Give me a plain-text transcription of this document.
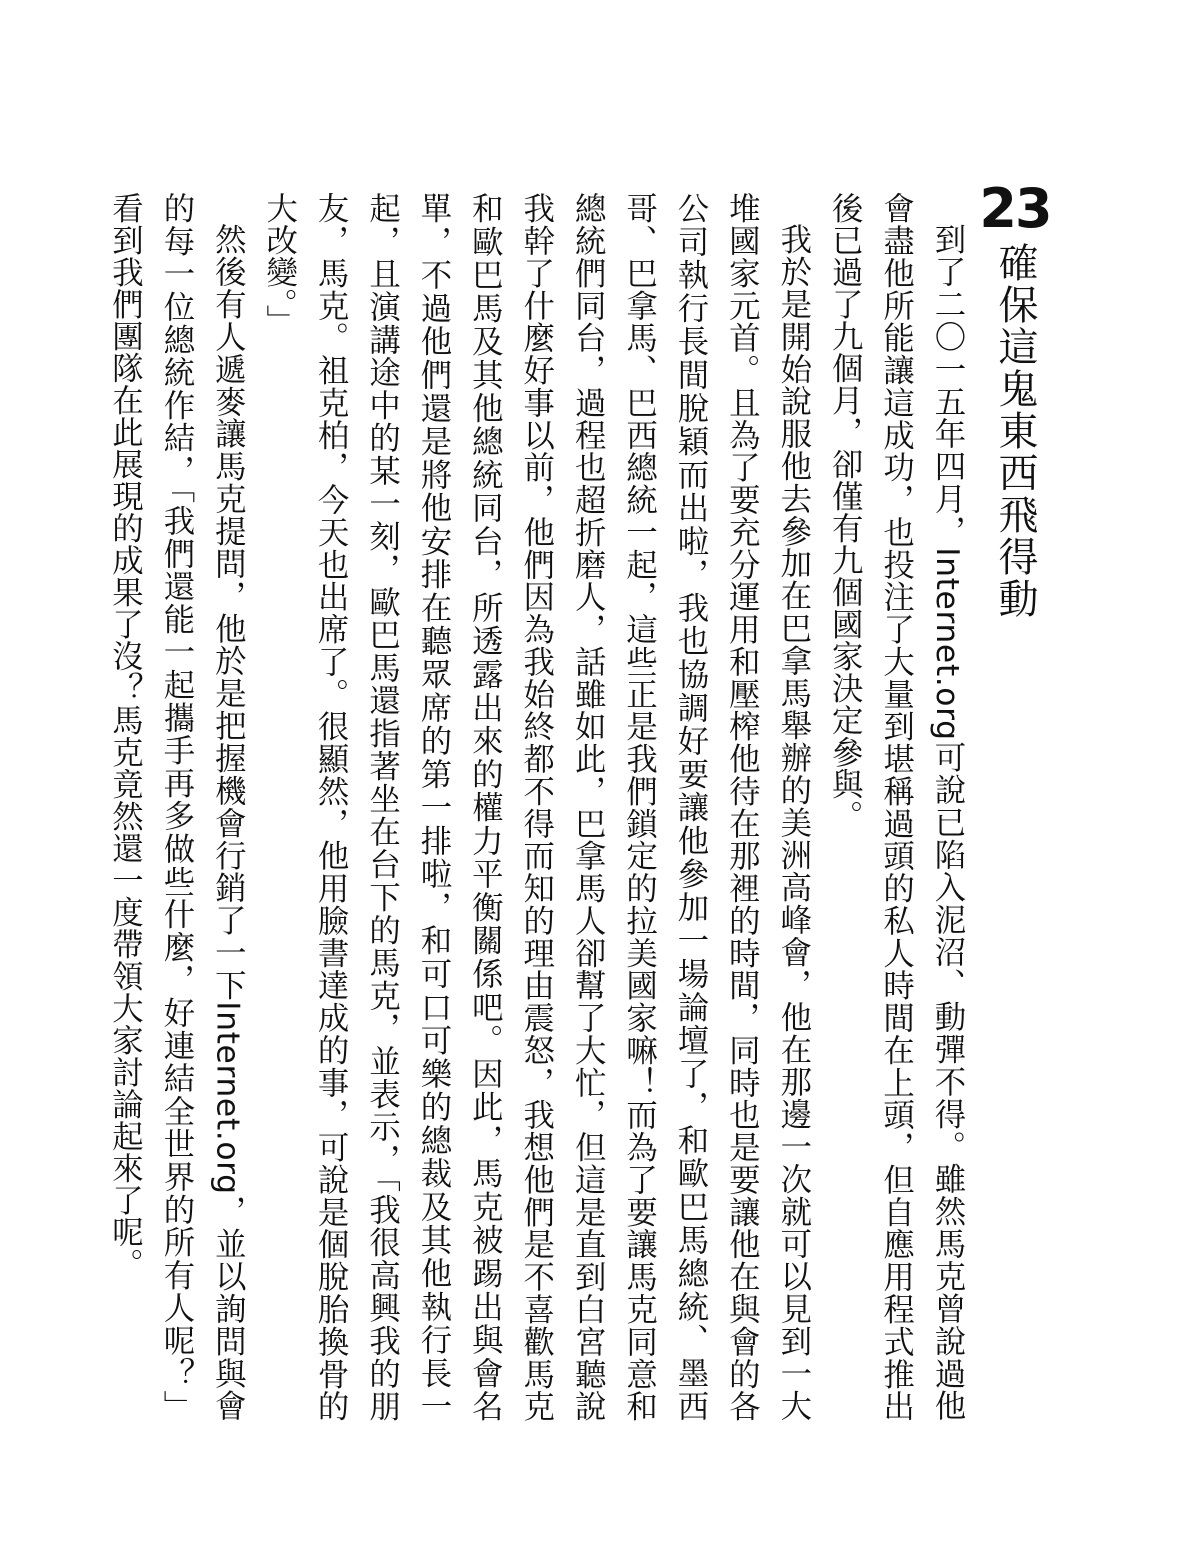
23
確保這鬼東西飛得動

到了二〇一五年四月，Internet.org可說已陷入泥沼、動彈不得。雖然馬克曾說過他會盡他所能讓這成功，也投注了大量到堪稱過頭的私人時間在上頭，但自應用程式推出後已過了九個月，卻僅有九個國家決定參與。

我於是開始說服他去參加在巴拿馬舉辦的美洲高峰會，他在那邊一次就可以見到一大堆國家元首。且為了要充分運用和壓榨他待在那裡的時間，同時也是要讓他在與會的各公司執行長間脫穎而出啦，我也協調好要讓他參加一場論壇了，和歐巴馬總統、墨西哥、巴拿馬、巴西總統一起，這些正是我們鎖定的拉美國家嘛！而為了要讓馬克同意和總統們同台，過程也超折磨人，話雖如此，巴拿馬人卻幫了大忙，但這是直到白宮聽說我幹了什麼好事以前，他們因為我始終都不得而知的理由震怒，我想他們是不喜歡馬克和歐巴馬及其他總統同台，所透露出來的權力平衡關係吧。因此，馬克被踢出與會名單，不過他們還是將他安排在聽眾席的第一排啦，和可口可樂的總裁及其他執行長一起，且演講途中的某一刻，歐巴馬還指著坐在台下的馬克，並表示，「我很高興我的朋友，馬克。祖克柏，今天也出席了。很顯然，他用臉書達成的事，可說是個脫胎換骨的大改變。」

然後有人遞麥讓馬克提問，他於是把握機會行銷了一下Internet.org，並以詢問與會的每一位總統作結，「我們還能一起攜手再多做些什麼，好連結全世界的所有人呢？」看到我們團隊在此展現的成果了沒？馬克竟然還一度帶領大家討論起來了呢。
